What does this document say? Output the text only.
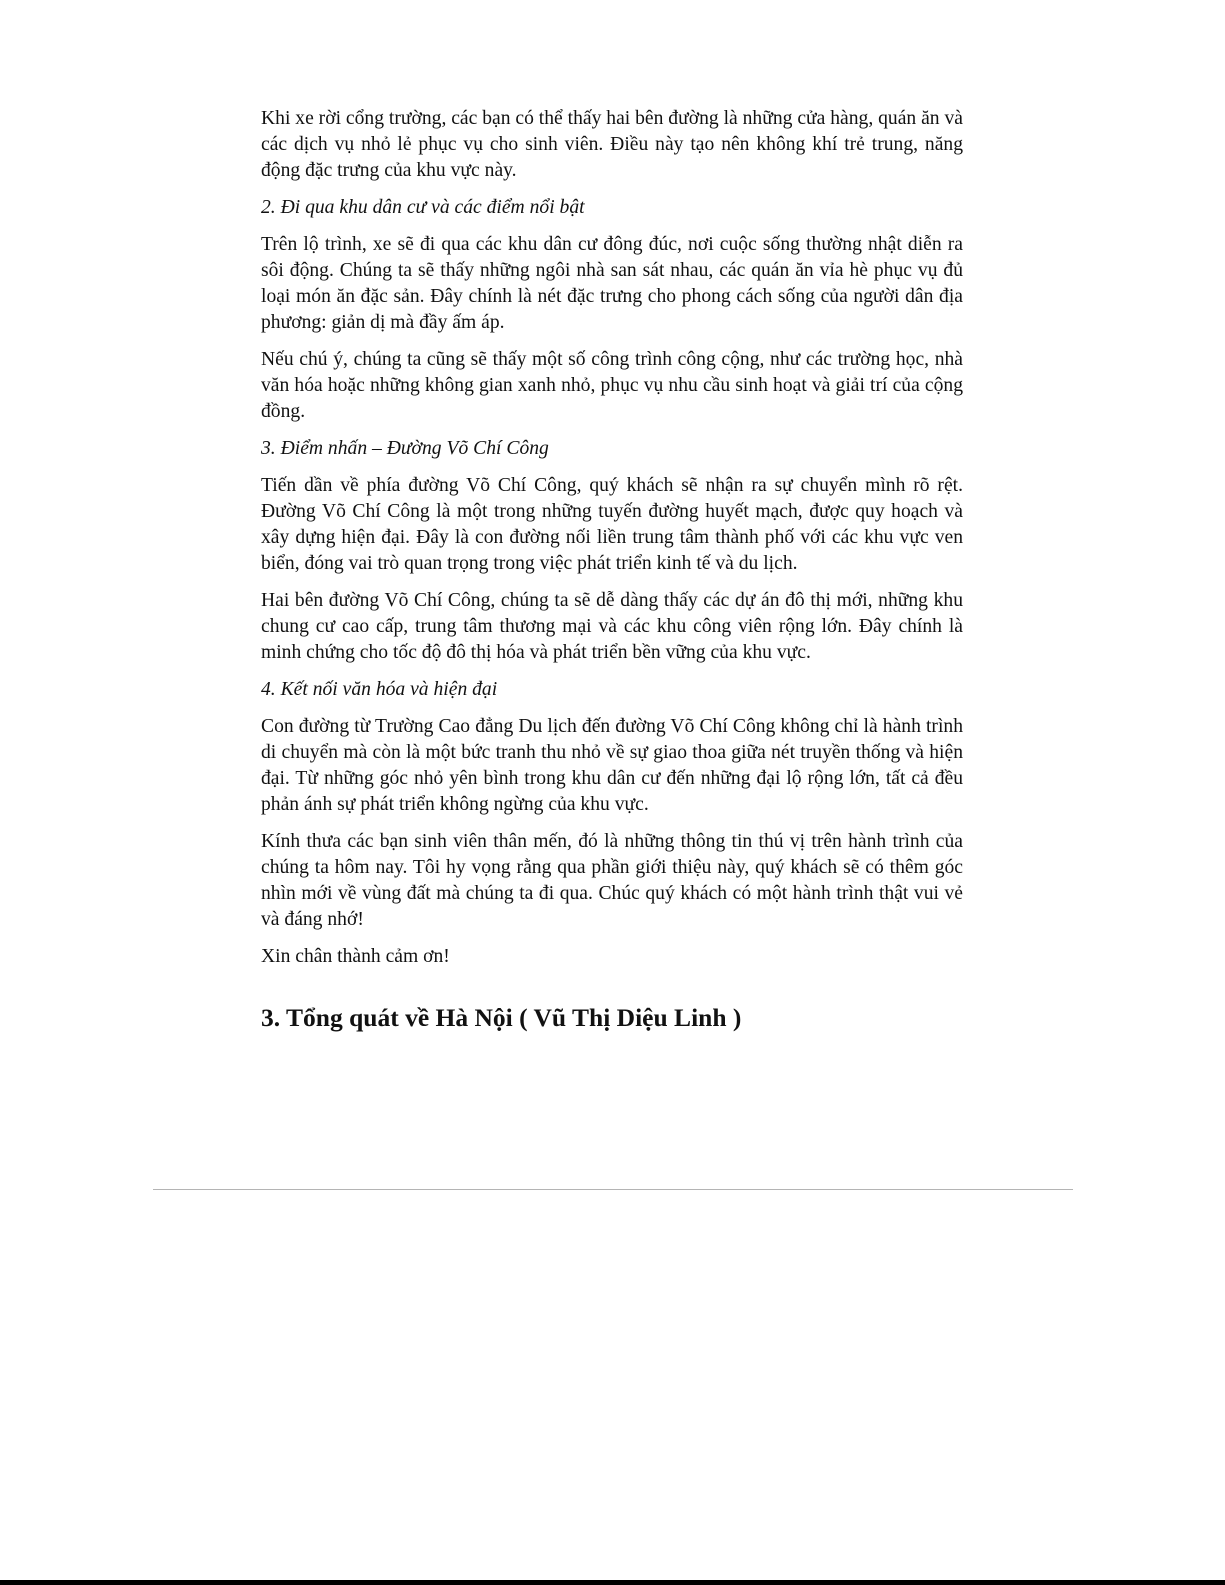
Khi xe rời cổng trường, các bạn có thể thấy hai bên đường là những cửa hàng, quán ăn và các dịch vụ nhỏ lẻ phục vụ cho sinh viên. Điều này tạo nên không khí trẻ trung, năng động đặc trưng của khu vực này.

2. Đi qua khu dân cư và các điểm nổi bật

Trên lộ trình, xe sẽ đi qua các khu dân cư đông đúc, nơi cuộc sống thường nhật diễn ra sôi động. Chúng ta sẽ thấy những ngôi nhà san sát nhau, các quán ăn vỉa hè phục vụ đủ loại món ăn đặc sản. Đây chính là nét đặc trưng cho phong cách sống của người dân địa phương: giản dị mà đầy ấm áp.

Nếu chú ý, chúng ta cũng sẽ thấy một số công trình công cộng, như các trường học, nhà văn hóa hoặc những không gian xanh nhỏ, phục vụ nhu cầu sinh hoạt và giải trí của cộng đồng.

3. Điểm nhấn – Đường Võ Chí Công

Tiến dần về phía đường Võ Chí Công, quý khách sẽ nhận ra sự chuyển mình rõ rệt. Đường Võ Chí Công là một trong những tuyến đường huyết mạch, được quy hoạch và xây dựng hiện đại. Đây là con đường nối liền trung tâm thành phố với các khu vực ven biển, đóng vai trò quan trọng trong việc phát triển kinh tế và du lịch.

Hai bên đường Võ Chí Công, chúng ta sẽ dễ dàng thấy các dự án đô thị mới, những khu chung cư cao cấp, trung tâm thương mại và các khu công viên rộng lớn. Đây chính là minh chứng cho tốc độ đô thị hóa và phát triển bền vững của khu vực.

4. Kết nối văn hóa và hiện đại

Con đường từ Trường Cao đẳng Du lịch đến đường Võ Chí Công không chỉ là hành trình di chuyển mà còn là một bức tranh thu nhỏ về sự giao thoa giữa nét truyền thống và hiện đại. Từ những góc nhỏ yên bình trong khu dân cư đến những đại lộ rộng lớn, tất cả đều phản ánh sự phát triển không ngừng của khu vực.

Kính thưa các bạn sinh viên thân mến, đó là những thông tin thú vị trên hành trình của chúng ta hôm nay. Tôi hy vọng rằng qua phần giới thiệu này, quý khách sẽ có thêm góc nhìn mới về vùng đất mà chúng ta đi qua. Chúc quý khách có một hành trình thật vui vẻ và đáng nhớ!

Xin chân thành cảm ơn!

3. Tổng quát về Hà Nội ( Vũ Thị Diệu Linh )
